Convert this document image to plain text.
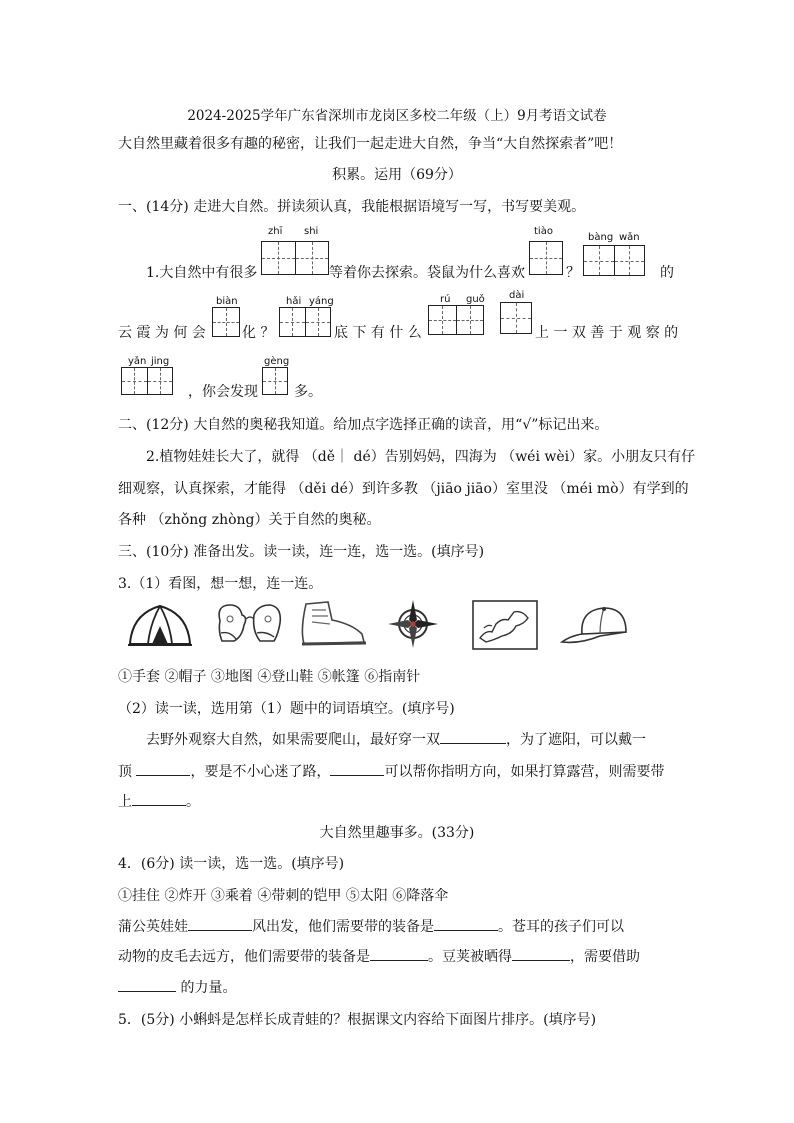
2024-2025学年广东省深圳市龙岗区多校二年级（上）9月考语文试卷
大自然里藏着很多有趣的秘密，让我们一起走进大自然，争当“大自然探索者”吧！
积累。运用（69分）
一、(14分) 走进大自然。拼读须认真，我能根据语境写一写，书写要美观。
1.大自然中有很多
zhī shi
等着你去探索。袋鼠为什么喜欢
tiào
？
bàng wǎn
的
云 霞 为 何 会
biàn
化 ？
hǎi yáng
底 下 有 什 么
rú guǒ dài
上 一 双 善 于 观 察 的
yǎn jing
，你会发现
gèng
多。
二、(12分) 大自然的奥秘我知道。给加点字选择正确的读音，用“√”标记出来。
2.植物娃娃长大了，就得 （dě｜ dé）告别妈妈，四海为 （wéi wèi）家。小朋友只有仔
细观察，认真探索，才能得 （děi dé）到许多教 （jiāo jiāo）室里没 （méi mò）有学到的
各种 （zhǒng zhòng）关于自然的奥秘。
三、(10分) 准备出发。读一读，连一连，选一选。(填序号)
3.（1）看图，想一想，连一连。
①手套 ②帽子 ③地图 ④登山鞋 ⑤帐篷 ⑥指南针
（2）读一读，选用第（1）题中的词语填空。(填序号)
去野外观察大自然，如果需要爬山，最好穿一双	，为了遮阳，可以戴一
顶	，要是不小心迷了路，	可以帮你指明方向，如果打算露营，则需要带
上	。
大自然里趣事多。(33分)
4．(6分) 读一读，选一选。(填序号)
①挂住 ②炸开 ③乘着 ④带刺的铠甲 ⑤太阳 ⑥降落伞
蒲公英娃娃	风出发，他们需要带的装备是	。苍耳的孩子们可以
动物的皮毛去远方，他们需要带的装备是	。豆荚被晒得	，需要借助
的力量。
5．(5分) 小蝌蚪是怎样长成青蛙的？根据课文内容给下面图片排序。(填序号)
